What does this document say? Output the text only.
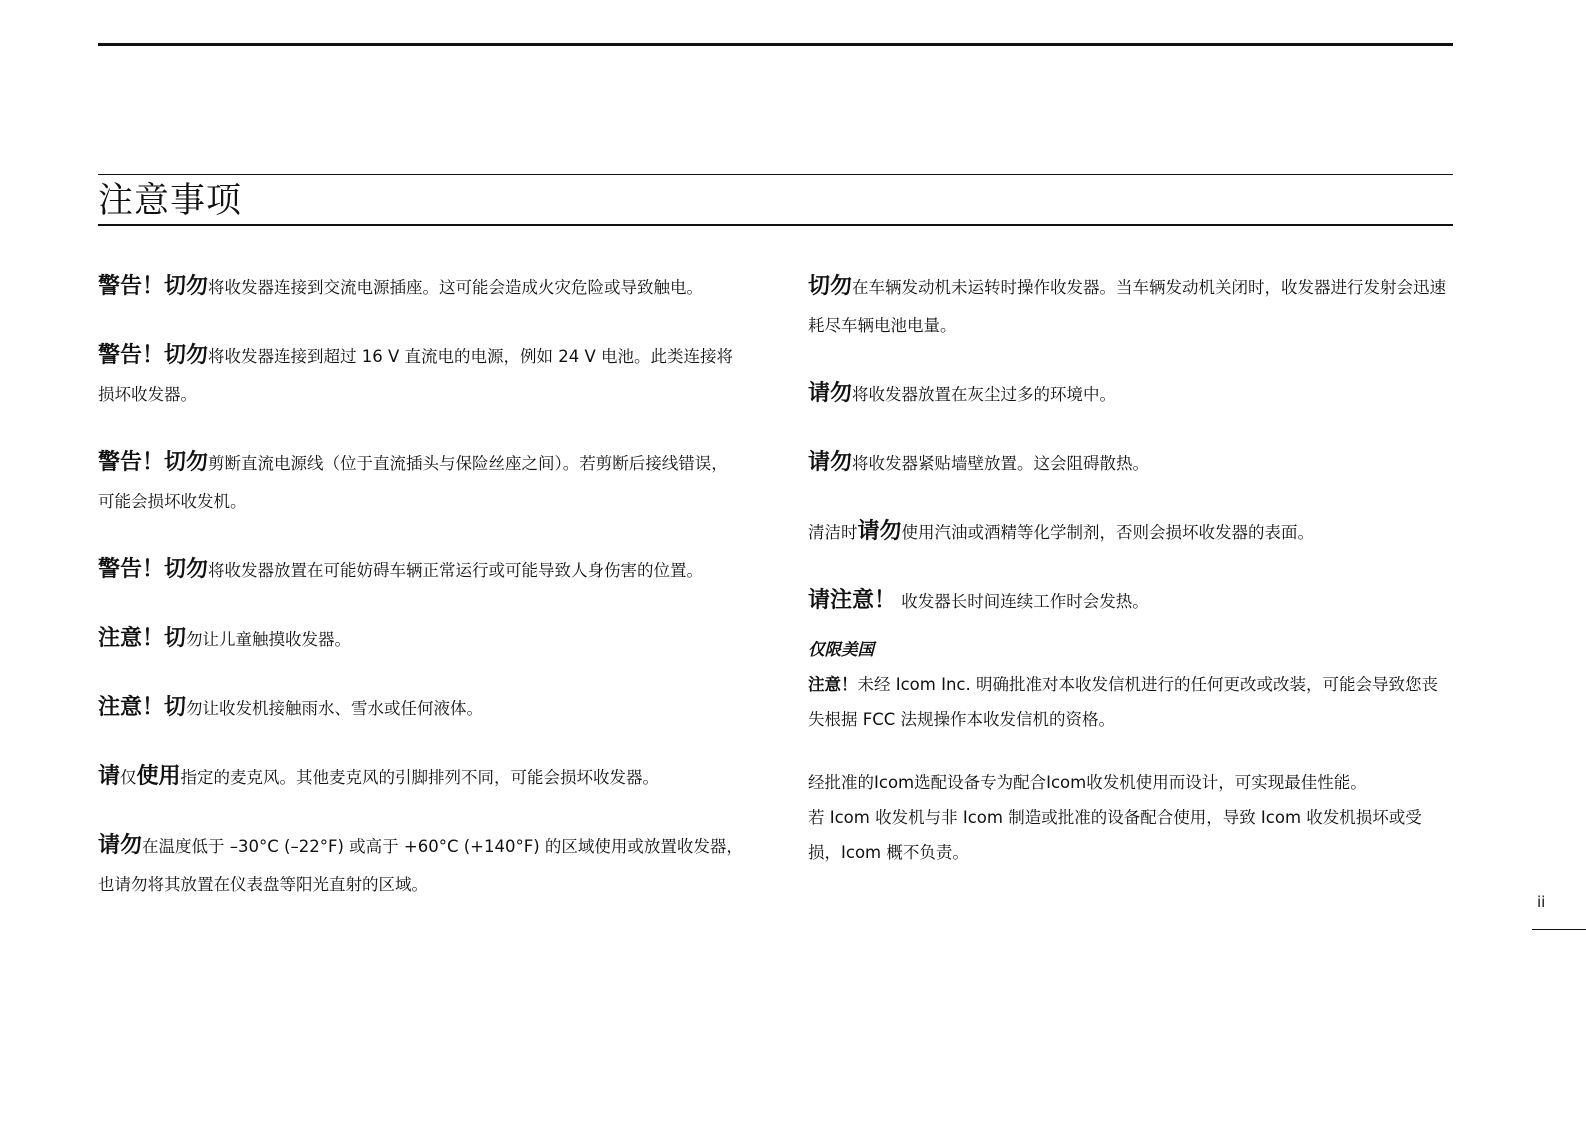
注意事项

警告！切勿将收发器连接到交流电源插座。这可能会造成火灾危险或导致触电。

警告！切勿将收发器连接到超过 16 V 直流电的电源，例如 24 V 电池。此类连接将损坏收发器。

警告！切勿剪断直流电源线（位于直流插头与保险丝座之间）。若剪断后接线错误，可能会损坏收发机。

警告！切勿将收发器放置在可能妨碍车辆正常运行或可能导致人身伤害的位置。

注意！切勿让儿童触摸收发器。

注意！切勿让收发机接触雨水、雪水或任何液体。

请仅使用指定的麦克风。其他麦克风的引脚排列不同，可能会损坏收发器。

请勿在温度低于 –30°C (–22°F) 或高于 +60°C (+140°F) 的区域使用或放置收发器，也请勿将其放置在仪表盘等阳光直射的区域。

切勿在车辆发动机未运转时操作收发器。当车辆发动机关闭时，收发器进行发射会迅速耗尽车辆电池电量。

请勿将收发器放置在灰尘过多的环境中。

请勿将收发器紧贴墙壁放置。这会阻碍散热。

清洁时请勿使用汽油或酒精等化学制剂，否则会损坏收发器的表面。

请注意！ 收发器长时间连续工作时会发热。

仅限美国

注意！未经 Icom Inc. 明确批准对本收发信机进行的任何更改或改装，可能会导致您丧失根据 FCC 法规操作本收发信机的资格。

经批准的Icom选配设备专为配合Icom收发机使用而设计，可实现最佳性能。

若 Icom 收发机与非 Icom 制造或批准的设备配合使用，导致 Icom 收发机损坏或受损，Icom 概不负责。

ii
